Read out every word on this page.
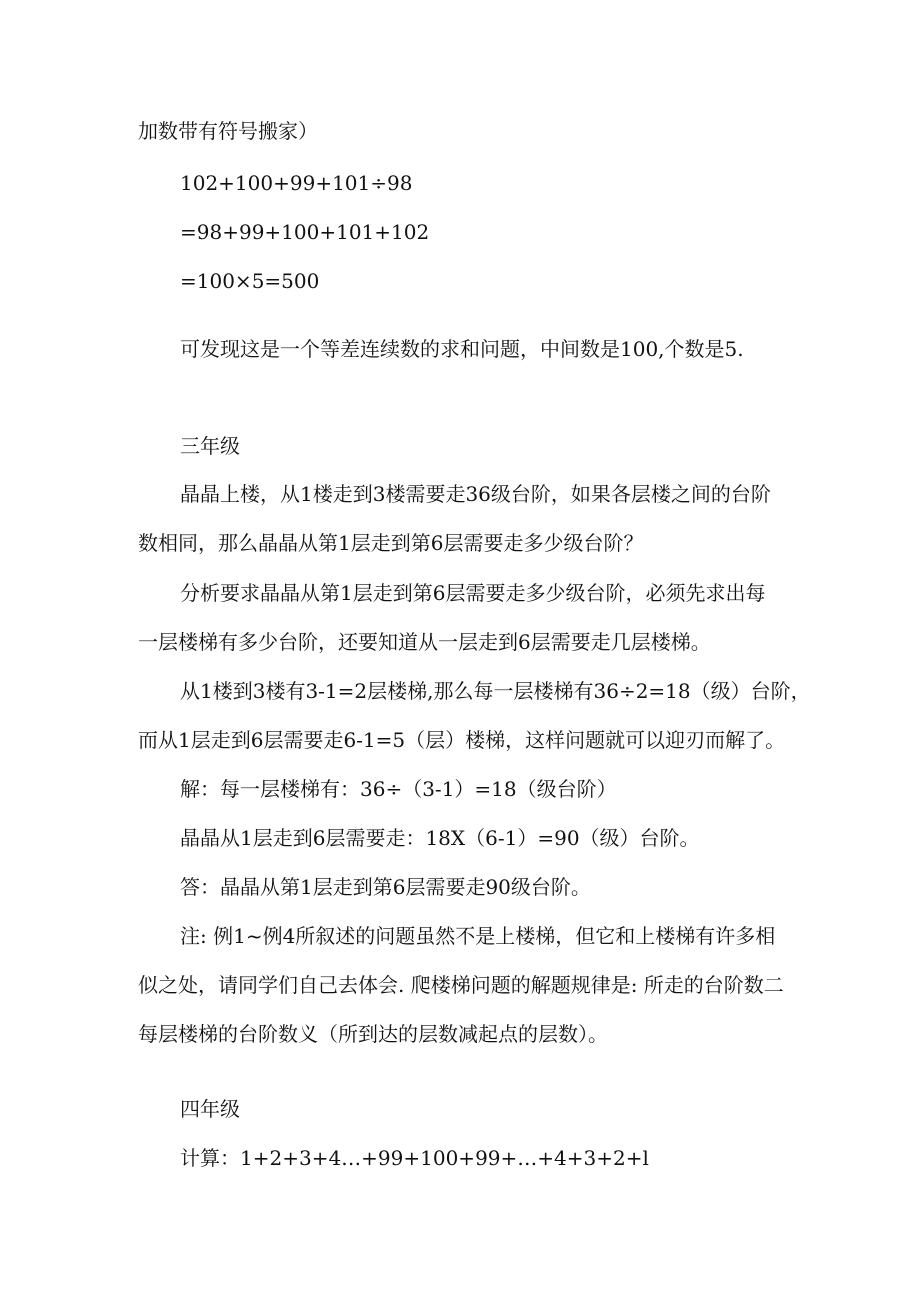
加数带有符号搬家）

102+100+99+101÷98

=98+99+100+101+102

=100×5=500

可发现这是一个等差连续数的求和问题，中间数是100,个数是5.

三年级

晶晶上楼，从1楼走到3楼需要走36级台阶，如果各层楼之间的台阶

数相同，那么晶晶从第1层走到第6层需要走多少级台阶？

分析要求晶晶从第1层走到第6层需要走多少级台阶，必须先求出每

一层楼梯有多少台阶，还要知道从一层走到6层需要走几层楼梯。

从1楼到3楼有3-1=2层楼梯,那么每一层楼梯有36÷2=18（级）台阶，

而从1层走到6层需要走6-1=5（层）楼梯，这样问题就可以迎刃而解了。

解：每一层楼梯有：36÷（3-1）=18（级台阶）

晶晶从1层走到6层需要走：18X（6-1）=90（级）台阶。

答：晶晶从第1层走到第6层需要走90级台阶。

注: 例1~例4所叙述的问题虽然不是上楼梯，但它和上楼梯有许多相

似之处，请同学们自己去体会. 爬楼梯问题的解题规律是: 所走的台阶数二

每层楼梯的台阶数义（所到达的层数减起点的层数）。

四年级

计算：1+2+3+4…+99+100+99+…+4+3+2+l
